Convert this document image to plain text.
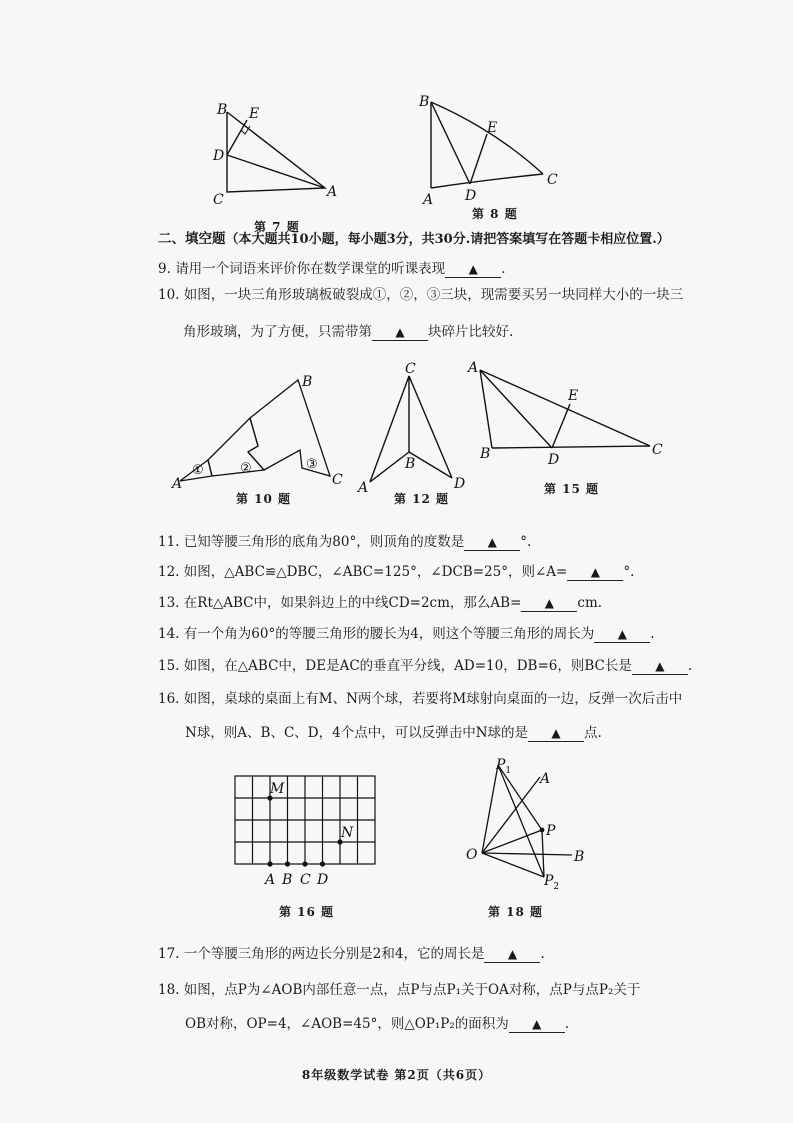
B E
D
C	A
第 7 题
B
E
A D
C
第 8 题
二、填空题（本大题共10小题，每小题3分，共30分.请把答案填写在答题卡相应位置.）
9. 请用一个词语来评价你在数学课堂的听课表现 ▲ .
10. 如图，一块三角形玻璃板破裂成①，②，③三块，现需要买另一块同样大小的一块三
角形玻璃，为了方便，只需带第 ▲ 块碎片比较好.
①	②	③
B
A	C
第 10 题
C
B
A	D
第 12 题
A
E
B	D
C
第 15 题
11. 已知等腰三角形的底角为80°，则顶角的度数是 ▲ °.
12. 如图，△ABC≌△DBC，∠ABC=125°，∠DCB=25°，则∠A= ▲ °.
13. 在Rt△ABC中，如果斜边上的中线CD=2cm，那么AB= ▲ cm.
14. 有一个角为60°的等腰三角形的腰长为4，则这个等腰三角形的周长为 ▲ .
15. 如图，在△ABC中，DE是AC的垂直平分线，AD=10，DB=6，则BC长是 ▲ .
16. 如图，桌球的桌面上有M、N两个球，若要将M球射向桌面的一边，反弹一次后击中
N球，则A、B、C、D，4个点中，可以反弹击中N球的是 ▲ 点.
M
N
A B C D
第 16 题
$P_1$ A
P
O	B
$P_2$
第 18 题
17. 一个等腰三角形的两边长分别是2和4，它的周长是 ▲ .
18. 如图，点P为∠AOB内部任意一点，点P与点P₁关于OA对称，点P与点P₂关于
OB对称，OP=4，∠AOB=45°，则△OP₁P₂的面积为 ▲ .
8年级数学试卷 第2页（共6页）
